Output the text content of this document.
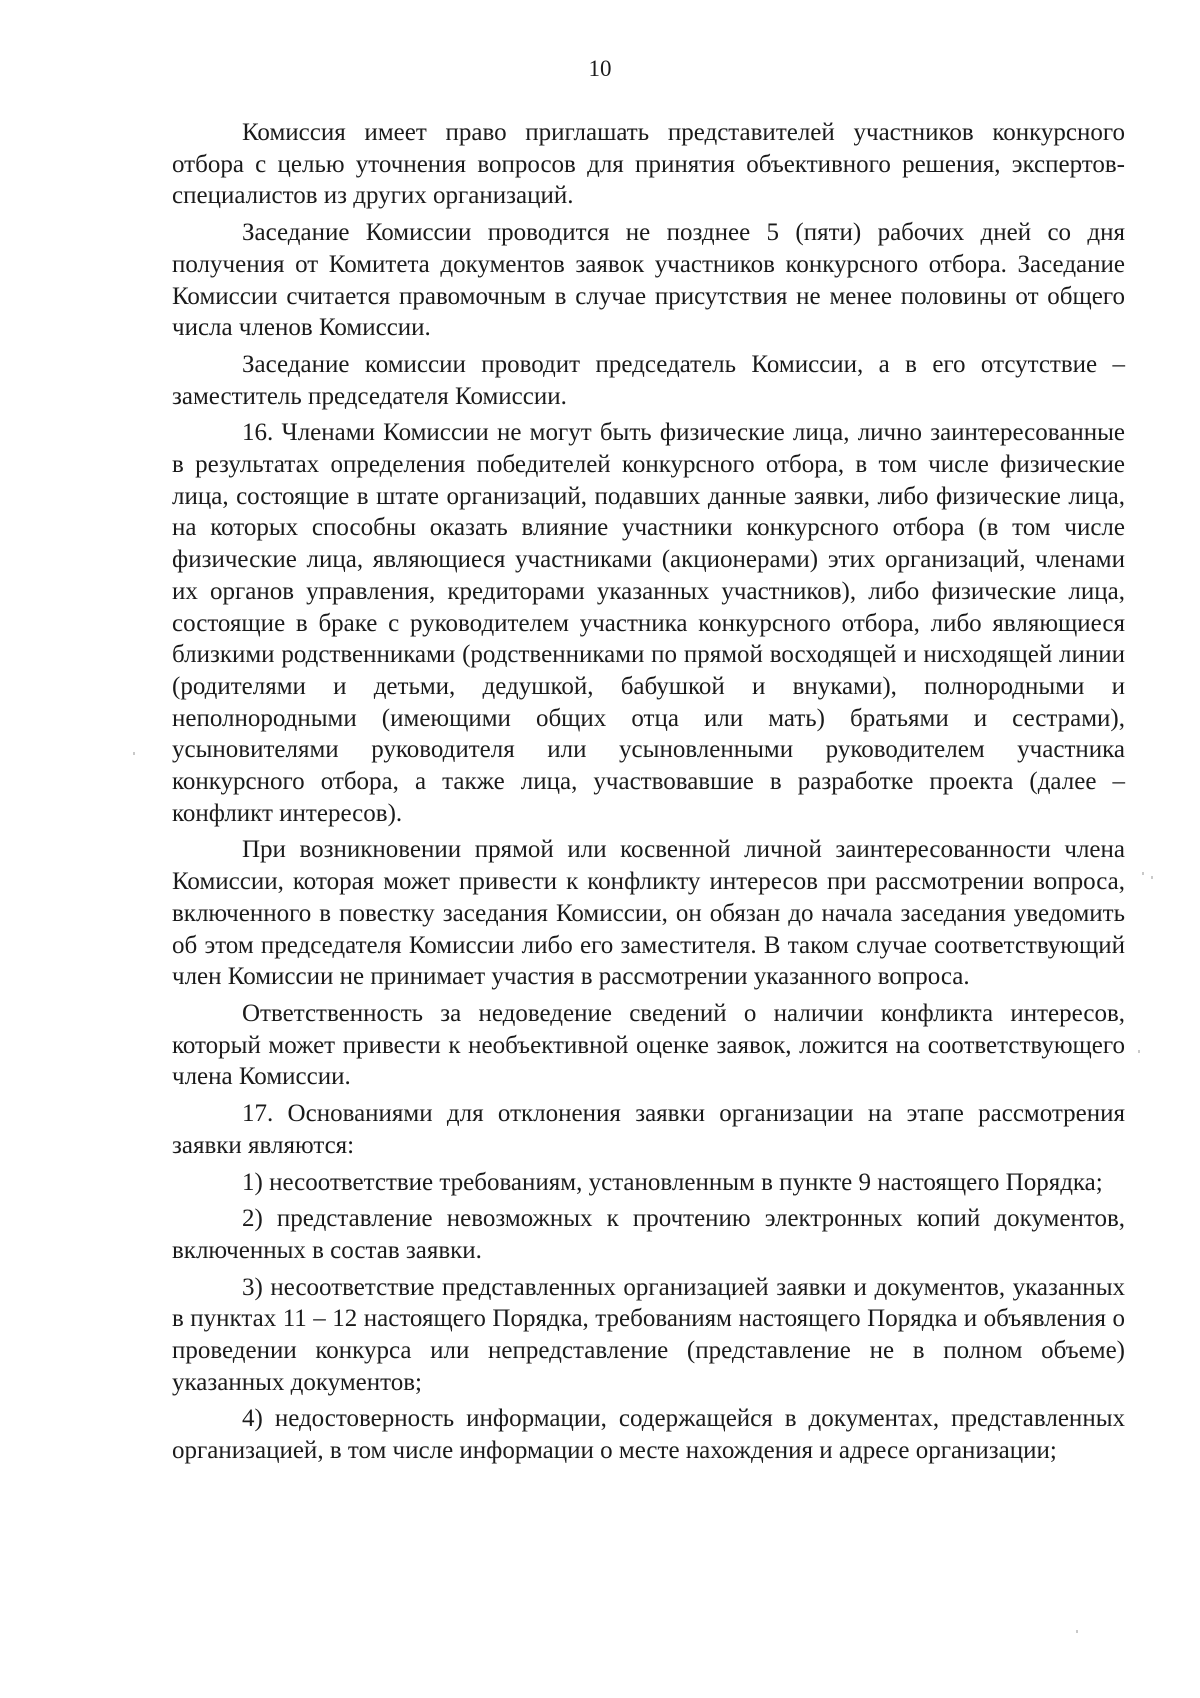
10

Комиссия имеет право приглашать представителей участников конкурсного отбора с целью уточнения вопросов для принятия объективного решения, экспертов-специалистов из других организаций.

Заседание Комиссии проводится не позднее 5 (пяти) рабочих дней со дня получения от Комитета документов заявок участников конкурсного отбора. Заседание Комиссии считается правомочным в случае присутствия не менее половины от общего числа членов Комиссии.

Заседание комиссии проводит председатель Комиссии, а в его отсутствие – заместитель председателя Комиссии.

16. Членами Комиссии не могут быть физические лица, лично заинтересованные в результатах определения победителей конкурсного отбора, в том числе физические лица, состоящие в штате организаций, подавших данные заявки, либо физические лица, на которых способны оказать влияние участники конкурсного отбора (в том числе физические лица, являющиеся участниками (акционерами) этих организаций, членами их органов управления, кредиторами указанных участников), либо физические лица, состоящие в браке с руководителем участника конкурсного отбора, либо являющиеся близкими родственниками (родственниками по прямой восходящей и нисходящей линии (родителями и детьми, дедушкой, бабушкой и внуками), полнородными и неполнородными (имеющими общих отца или мать) братьями и сестрами), усыновителями руководителя или усыновленными руководителем участника конкурсного отбора, а также лица, участвовавшие в разработке проекта (далее – конфликт интересов).

При возникновении прямой или косвенной личной заинтересованности члена Комиссии, которая может привести к конфликту интересов при рассмотрении вопроса, включенного в повестку заседания Комиссии, он обязан до начала заседания уведомить об этом председателя Комиссии либо его заместителя. В таком случае соответствующий член Комиссии не принимает участия в рассмотрении указанного вопроса.

Ответственность за недоведение сведений о наличии конфликта интересов, который может привести к необъективной оценке заявок, ложится на соответствующего члена Комиссии.

17. Основаниями для отклонения заявки организации на этапе рассмотрения заявки являются:

1) несоответствие требованиям, установленным в пункте 9 настоящего Порядка;

2) представление невозможных к прочтению электронных копий документов, включенных в состав заявки.

3) несоответствие представленных организацией заявки и документов, указанных в пунктах 11 – 12 настоящего Порядка, требованиям настоящего Порядка и объявления о проведении конкурса или непредставление (представление не в полном объеме) указанных документов;

4) недостоверность информации, содержащейся в документах, представленных организацией, в том числе информации о месте нахождения и адресе организации;
